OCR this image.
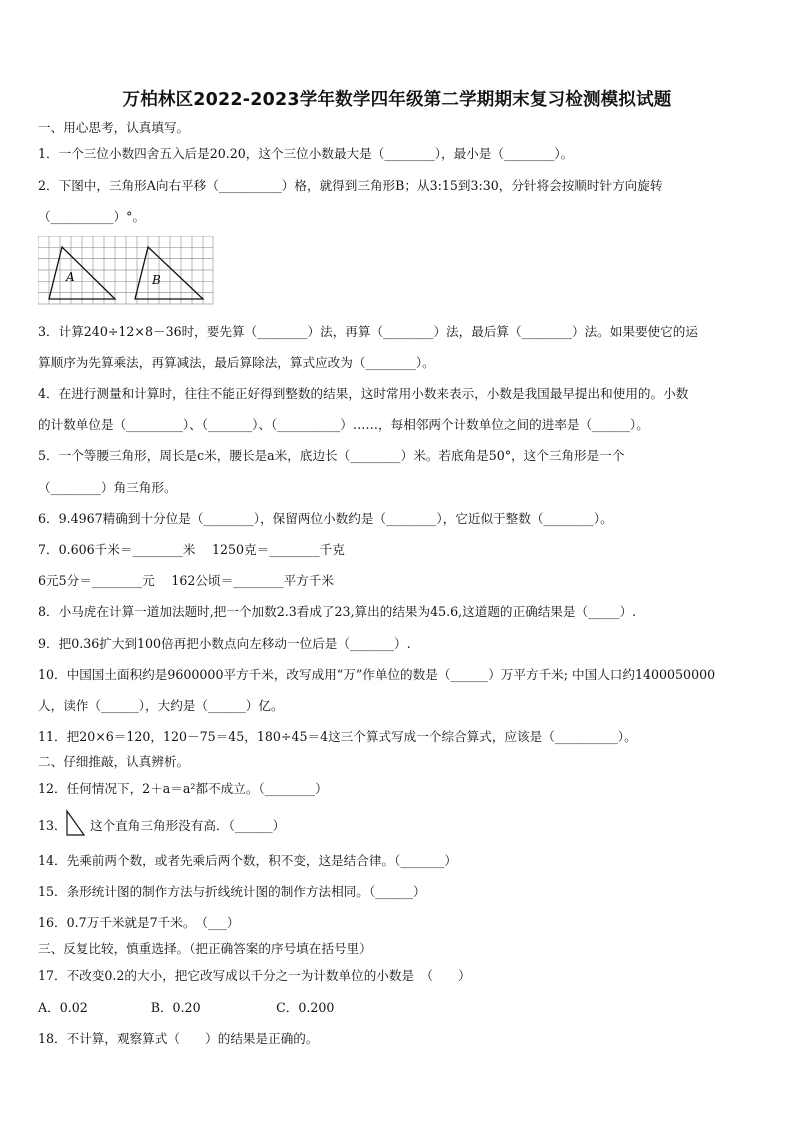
万柏林区2022-2023学年数学四年级第二学期期末复习检测模拟试题
一、用心思考，认真填写。
1．一个三位小数四舍五入后是20.20，这个三位小数最大是（________），最小是（________）。
2．下图中，三角形A向右平移（__________）格，就得到三角形B；从3:15到3:30，分针将会按顺时针方向旋转
（__________）°。
A	B
3．计算240÷12×8－36时，要先算（________）法，再算（________）法，最后算（________）法。如果要使它的运
算顺序为先算乘法，再算减法，最后算除法，算式应改为（________）。
4．在进行测量和计算时，往往不能正好得到整数的结果，这时常用小数来表示，小数是我国最早提出和使用的。小数
的计数单位是（_________）、（_______）、（__________）……，每相邻两个计数单位之间的进率是（______）。
5．一个等腰三角形，周长是c米，腰长是a米，底边长（________）米。若底角是50°，这个三角形是一个
（________）角三角形。
6．9.4967精确到十分位是（________），保留两位小数约是（________），它近似于整数（________）。
7．0.606千米＝________米　 1250克＝________千克
6元5分＝________元　 162公顷＝________平方千米
8．小马虎在计算一道加法题时,把一个加数2.3看成了23,算出的结果为45.6,这道题的正确结果是（_____）.
9．把0.36扩大到100倍再把小数点向左移动一位后是（_______）.
10．中国国土面积约是9600000平方千米，改写成用“万”作单位的数是（______）万平方千米; 中国人口约1400050000
人，读作（______），大约是（______）亿。
11．把20×6＝120，120－75＝45，180÷45＝4这三个算式写成一个综合算式，应该是（__________）。
二、仔细推敲，认真辨析。
12．任何情况下，2＋a＝a²都不成立。（________）
13． 这个直角三角形没有高．（______）
14．先乘前两个数，或者先乘后两个数，积不变，这是结合律。（_______）
15．条形统计图的制作方法与折线统计图的制作方法相同。（______）
16．0.7万千米就是7千米。　（___）
三、反复比较，慎重选择。（把正确答案的序号填在括号里）
17．不改变0.2的大小，把它改写成以千分之一为计数单位的小数是　（　　）
A．0.02　　　　　B．0.20　　　　　　C．0.200
18．不计算，观察算式（　　）的结果是正确的。
